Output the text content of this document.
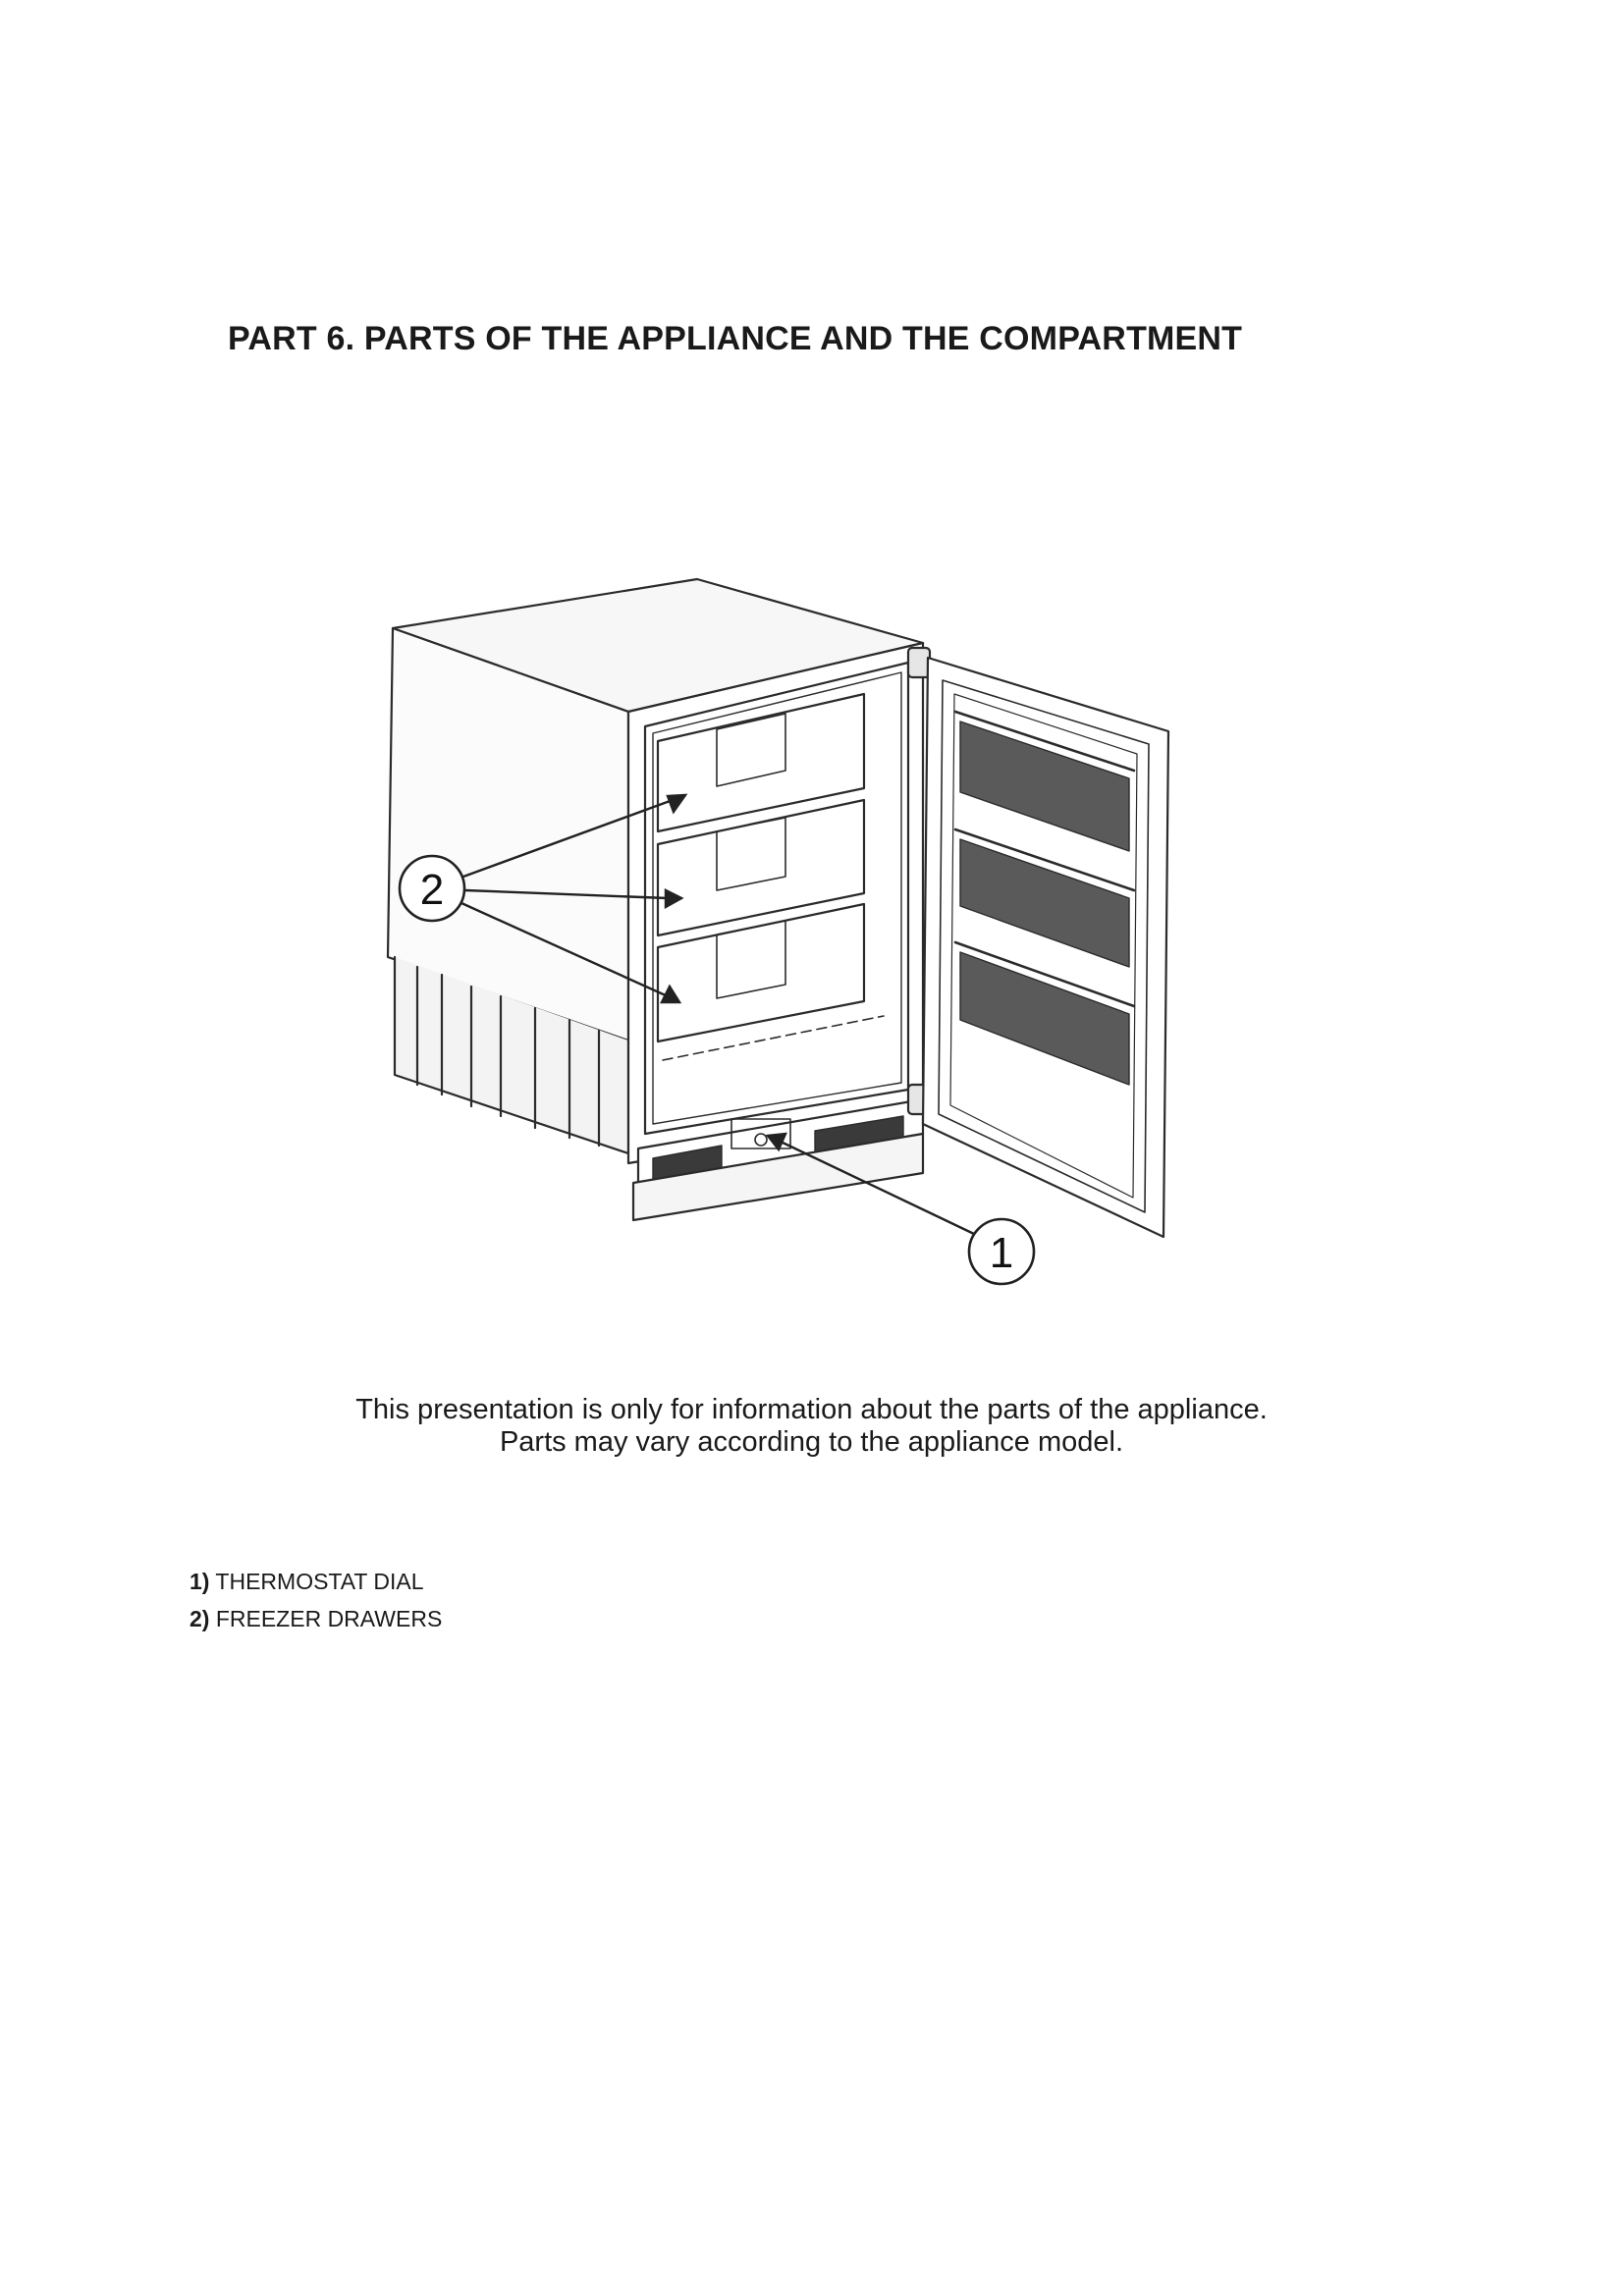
PART 6. PARTS OF THE APPLIANCE AND THE COMPARTMENT
2
1
This presentation is only for information about the parts of the appliance.
Parts may vary according to the appliance model.
1) THERMOSTAT DIAL
2) FREEZER DRAWERS
